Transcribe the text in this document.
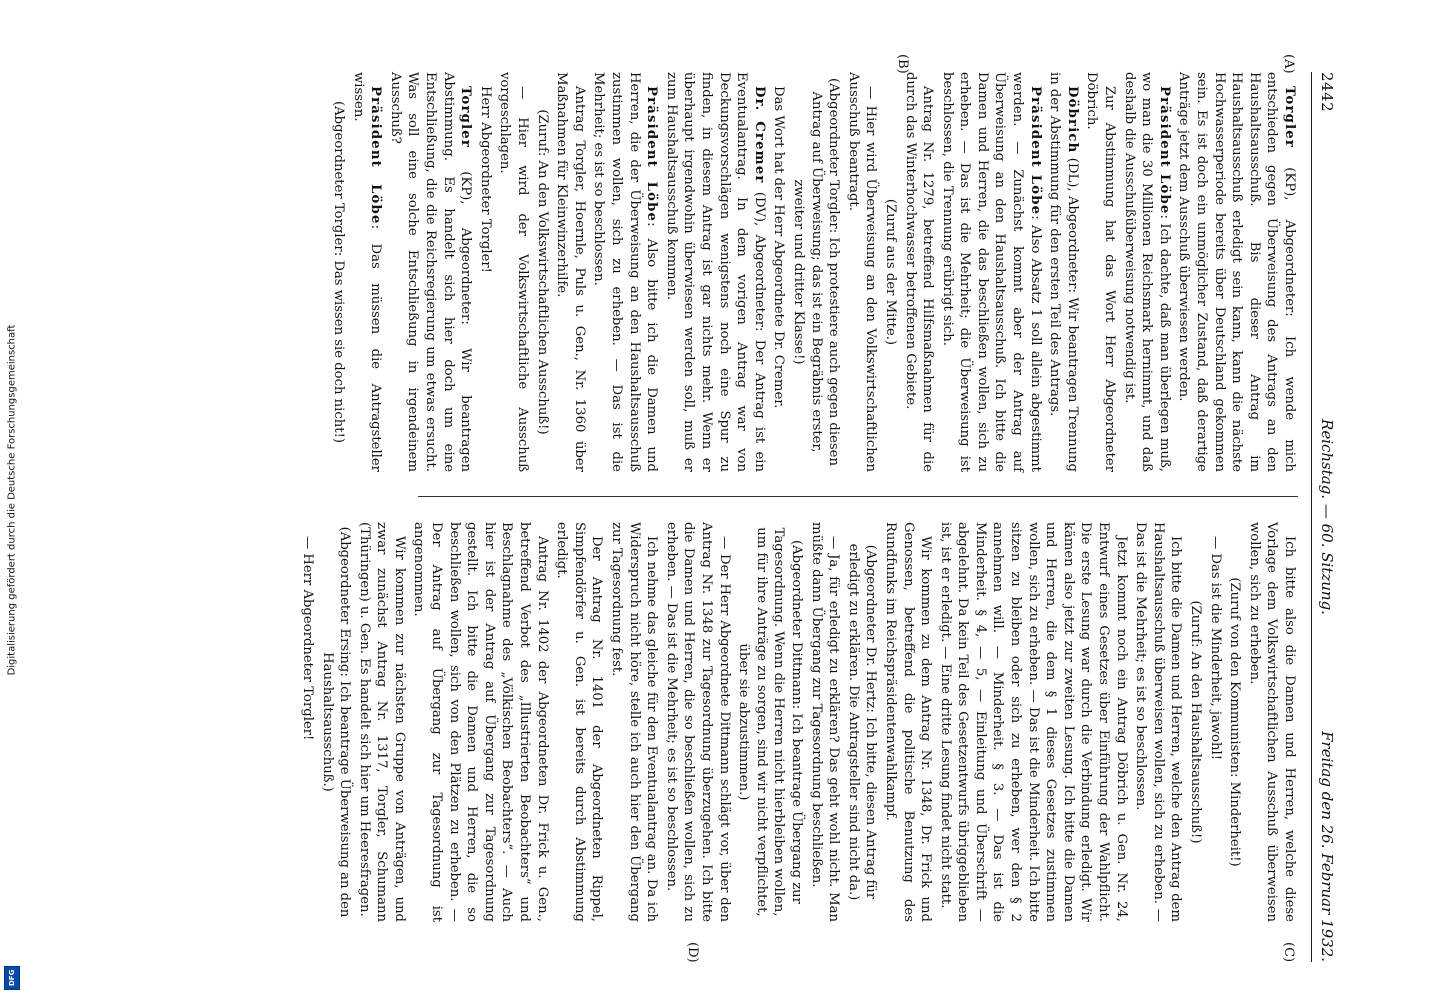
Digitalisierung gefördert durch die Deutsche Forschungsgemeinschaft
DFG
2442
Reichstag. — 60. Sitzung.
Freitag den 26. Februar 1932.
(A)
(B)
(C)
(D)

Torgler (KP), Abgeordneter: Ich wende mich entschieden gegen Überweisung des Antrags an den Haushaltsausschuß. Bis dieser Antrag im Haushaltsausschuß erledigt sein kann, kann die nächste Hochwasserperiode bereits über Deutschland gekommen sein. Es ist doch ein unmöglicher Zustand, daß derartige Anträge jetzt dem Ausschuß überwiesen werden.

Präsident Löbe: Ich dachte, daß man überlegen muß, wo man die 30 Millionen Reichsmark hernimmt, und daß deshalb die Ausschußüberweisung notwendig ist.

Zur Abstimmung hat das Wort Herr Abgeordneter Döbrich.

Döbrich (DL), Abgeordneter: Wir beantragen Trennung in der Abstimmung für den ersten Teil des Antrags.

Präsident Löbe: Also Absatz 1 soll allein abgestimmt werden. — Zunächst kommt aber der Antrag auf Überweisung an den Haushaltsausschuß. Ich bitte die Damen und Herren, die das beschließen wollen, sich zu erheben. — Das ist die Mehrheit; die Überweisung ist beschlossen, die Trennung erübrigt sich.

Antrag Nr. 1279, betreffend Hilfsmaßnahmen für die durch das Winterhochwasser betroffenen Gebiete.

(Zuruf aus der Mitte.)

— Hier wird Überweisung an den Volkswirtschaftlichen Ausschuß beantragt.

(Abgeordneter Torgler: Ich protestiere auch gegen diesen Antrag auf Überweisung; das ist ein Begräbnis erster, zweiter und dritter Klasse!)

Das Wort hat der Herr Abgeordnete Dr. Cremer.

Dr. Cremer (DV), Abgeordneter: Der Antrag ist ein Eventualantrag. In dem vorigen Antrag war von Deckungsvorschlägen wenigstens noch eine Spur zu finden, in diesem Antrag ist gar nichts mehr. Wenn er überhaupt irgendwohin überwiesen werden soll, muß er zum Haushaltsausschuß kommen.

Präsident Löbe: Also bitte ich die Damen und Herren, die der Überweisung an den Haushaltsausschuß zustimmen wollen, sich zu erheben. — Das ist die Mehrheit; es ist so beschlossen.

Antrag Torgler, Hoernle, Puls u. Gen., Nr. 1360 über Maßnahmen für Kleinwinzerhilfe.

(Zuruf: An den Volkswirtschaftlichen Ausschuß!)

— Hier wird der Volkswirtschaftliche Ausschuß vorgeschlagen.

Herr Abgeordneter Torgler!

Torgler (KP), Abgeordneter: Wir beantragen Abstimmung. Es handelt sich hier doch um eine Entschließung, die die Reichsregierung um etwas ersucht. Was soll eine solche Entschließung in irgendeinem Ausschuß?

Präsident Löbe: Das müssen die Antragsteller wissen.

(Abgeordneter Torgler: Das wissen sie doch nicht!)

Ich bitte also die Damen und Herren, welche diese Vorlage dem Volkswirtschaftlichen Ausschuß überweisen wollen, sich zu erheben.

(Zuruf von den Kommunisten: Minderheit!)

— Das ist die Minderheit, jawohl!

(Zuruf: An den Haushaltsausschuß!)

Ich bitte die Damen und Herren, welche den Antrag dem Haushaltsausschuß überweisen wollen, sich zu erheben. — Das ist die Mehrheit; es ist so beschlossen.

Jetzt kommt noch ein Antrag Döbrich u. Gen. Nr. 24, Entwurf eines Gesetzes über Einführung der Wahlpflicht. Die erste Lesung war durch die Verbindung erledigt. Wir kämen also jetzt zur zweiten Lesung. Ich bitte die Damen und Herren, die dem § 1 dieses Gesetzes zustimmen wollen, sich zu erheben. — Das ist die Minderheit. Ich bitte sitzen zu bleiben oder sich zu erheben, wer den § 2 annehmen will. — Minderheit. § 3. — Das ist die Minderheit. § 4, — 5, — Einleitung und Überschrift — abgelehnt. Da kein Teil des Gesetzentwurfs übriggeblieben ist, ist er erledigt. — Eine dritte Lesung findet nicht statt.

Wir kommen zu dem Antrag Nr. 1348, Dr. Frick und Genossen, betreffend die politische Benutzung des Rundfunks im Reichspräsidentenwahlkampf.

(Abgeordneter Dr. Hertz: Ich bitte, diesen Antrag für erledigt zu erklären. Die Antragsteller sind nicht da.)

— Ja, für erledigt zu erklären? Das geht wohl nicht. Man müßte dann Übergang zur Tagesordnung beschließen.

(Abgeordneter Dittmann: Ich beantrage Übergang zur Tagesordnung. Wenn die Herren nicht hierbleiben wollen, um für ihre Anträge zu sorgen, sind wir nicht verpflichtet, über sie abzustimmen.)

— Der Herr Abgeordnete Dittmann schlägt vor, über den Antrag Nr. 1348 zur Tagesordnung überzugehen. Ich bitte die Damen und Herren, die so beschließen wollen, sich zu erheben. — Das ist die Mehrheit; es ist so beschlossen.

Ich nehme das gleiche für den Eventualantrag an. Da ich Widerspruch nicht höre, stelle ich auch hier den Übergang zur Tagesordnung fest.

Der Antrag Nr. 1401 der Abgeordneten Rippel, Simpfendörfer u. Gen. ist bereits durch Abstimmung erledigt.

Antrag Nr. 1402 der Abgeordneten Dr. Frick u. Gen., betreffend Verbot des „Illustrierten Beobachters“ und Beschlagnahme des „Völkischen Beobachters“. — Auch hier ist der Antrag auf Übergang zur Tagesordnung gestellt. Ich bitte die Damen und Herren, die so beschließen wollen, sich von den Plätzen zu erheben. — Der Antrag auf Übergang zur Tagesordnung ist angenommen.

Wir kommen zur nächsten Gruppe von Anträgen, und zwar zunächst Antrag Nr. 1317, Torgler, Schumann (Thüringen) u. Gen. Es handelt sich hier um Heeresfragen.

(Abgeordneter Ersing: Ich beantrage Überweisung an den Haushaltsausschuß.)

— Herr Abgeordneter Torgler!
